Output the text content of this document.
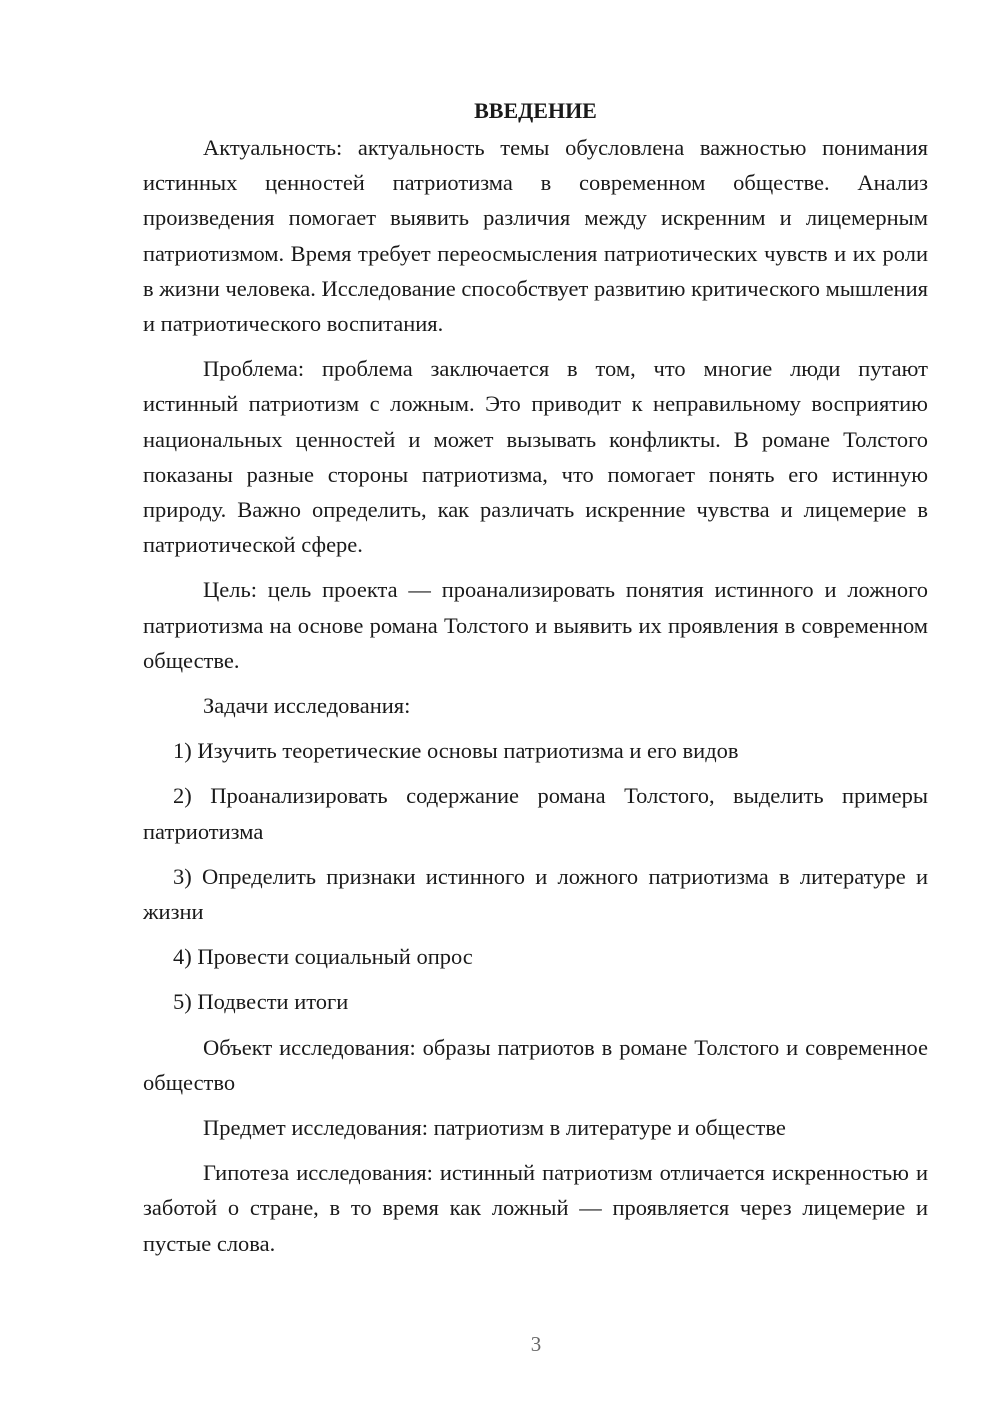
ВВЕДЕНИЕ

Актуальность: актуальность темы обусловлена важностью понимания истинных ценностей патриотизма в современном обществе. Анализ произведения помогает выявить различия между искренним и лицемерным патриотизмом. Время требует переосмысления патриотических чувств и их роли в жизни человека. Исследование способствует развитию критического мышления и патриотического воспитания.

Проблема: проблема заключается в том, что многие люди путают истинный патриотизм с ложным. Это приводит к неправильному восприятию национальных ценностей и может вызывать конфликты. В романе Толстого показаны разные стороны патриотизма, что помогает понять его истинную природу. Важно определить, как различать искренние чувства и лицемерие в патриотической сфере.

Цель: цель проекта — проанализировать понятия истинного и ложного патриотизма на основе романа Толстого и выявить их проявления в современном обществе.

Задачи исследования:

1) Изучить теоретические основы патриотизма и его видов

2) Проанализировать содержание романа Толстого, выделить примеры патриотизма

3) Определить признаки истинного и ложного патриотизма в литературе и жизни

4) Провести социальный опрос

5) Подвести итоги

Объект исследования: образы патриотов в романе Толстого и современное общество

Предмет исследования: патриотизм в литературе и обществе

Гипотеза исследования: истинный патриотизм отличается искренностью и заботой о стране, в то время как ложный — проявляется через лицемерие и пустые слова.

3
